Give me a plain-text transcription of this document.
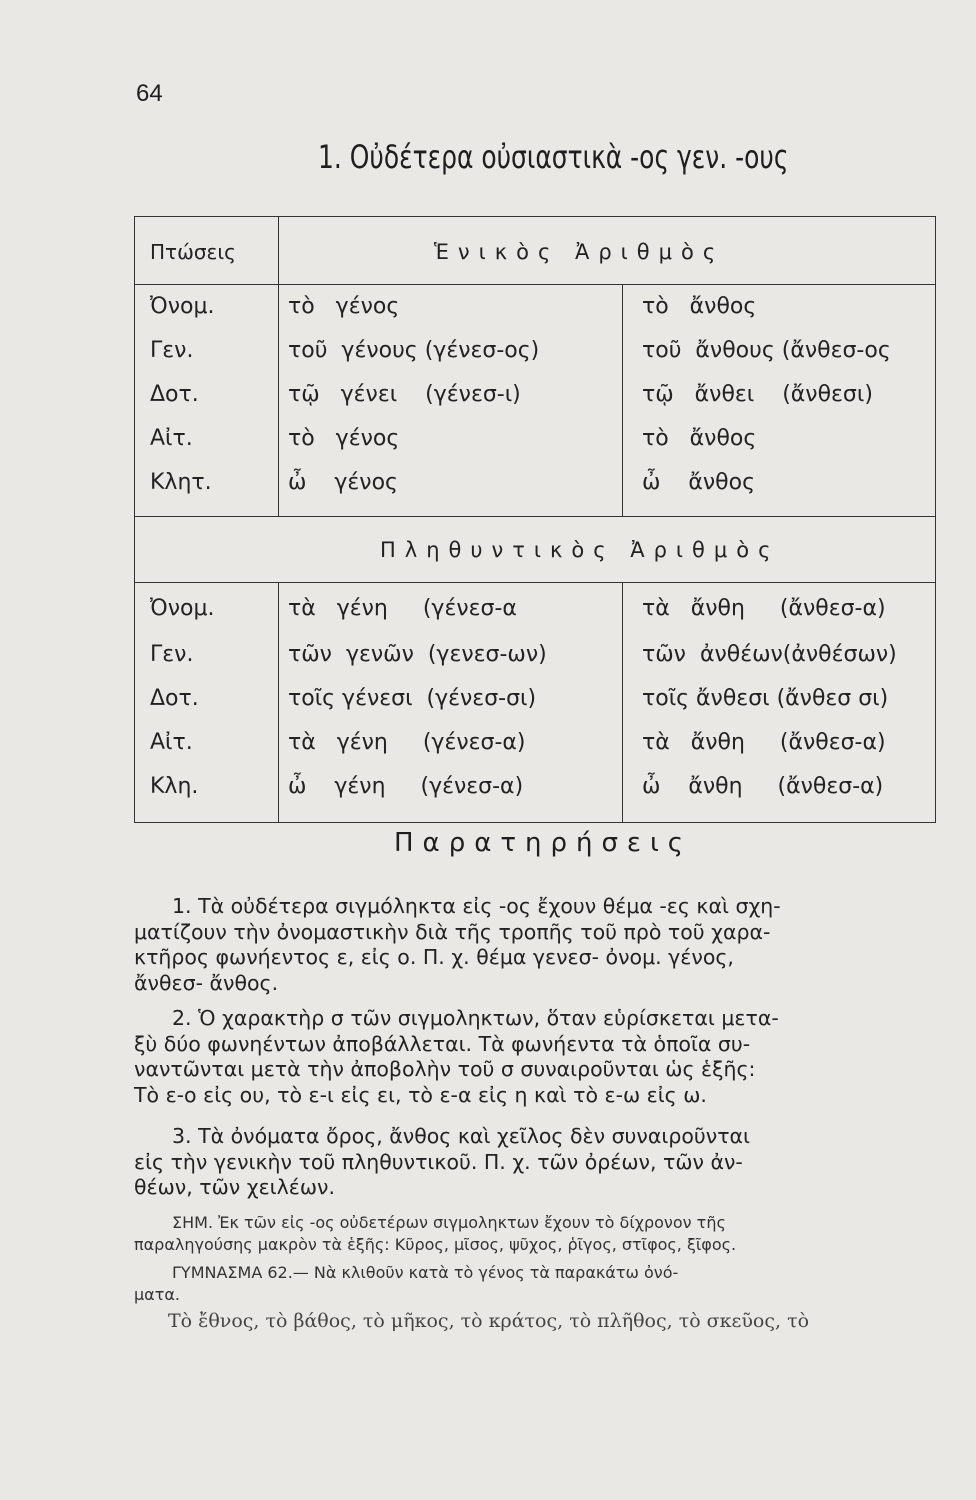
64
1. Οὐδέτερα οὐσιαστικὰ -ος γεν. -ους
Πτώσεις	Ἑνικὸς Ἀριθμὸς
Πληθυντικὸς Ἀριθμὸς
Ὀνομ.	τὸ   γένος	τὸ   ἄνθος
Γεν.	τοῦ  γένους (γένεσ-ος)	τοῦ  ἄνθους (ἄνθεσ-ος
Δοτ.	τῷ   γένει    (γένεσ-ι)	τῷ   ἄνθει    (ἄνθεσι)
Αἰτ.	τὸ   γένος	τὸ   ἄνθος
Κλητ.	ὦ    γένος	ὦ    ἄνθος
Ὀνομ.	τὰ   γένη     (γένεσ-α	τὰ   ἄνθη     (ἄνθεσ-α)
Γεν.	τῶν  γενῶν  (γενεσ-ων)	τῶν  ἀνθέων(ἀνθέσων)
Δοτ.	τοῖς γένεσι  (γένεσ-σι)	τοῖς ἄνθεσι (ἄνθεσ σι)
Αἰτ.	τὰ   γένη     (γένεσ-α)	τὰ   ἄνθη     (ἄνθεσ-α)
Κλη.	ὦ    γένη     (γένεσ-α)	ὦ    ἄνθη     (ἄνθεσ-α)
Παρατηρήσεις
1. Τὰ οὐδέτερα σιγμόληκτα εἰς -ος ἔχουν θέμα -ες καὶ σχη-
ματίζουν τὴν ὀνομαστικὴν διὰ τῆς τροπῆς τοῦ πρὸ τοῦ χαρα-
κτῆρος φωνήεντος ε, εἰς ο. Π. χ. θέμα γενεσ- ὀνομ. γένος,
ἄνθεσ- ἄνθος.
2. Ὁ χαρακτὴρ σ τῶν σιγμοληκτων, ὅταν εὑρίσκεται μετα-
ξὺ δύο φωνηέντων ἀποβάλλεται. Τὰ φωνήεντα τὰ ὁποῖα συ-
ναντῶνται μετὰ τὴν ἀποβολὴν τοῦ σ συναιροῦνται ὡς ἑξῆς:
Τὸ ε-ο εἰς ου, τὸ ε-ι εἰς ει, τὸ ε-α εἰς η καὶ τὸ ε-ω εἰς ω.
3. Τὰ ὀνόματα ὄρος, ἄνθος καὶ χεῖλος δὲν συναιροῦνται
εἰς τὴν γενικὴν τοῦ πληθυντικοῦ. Π. χ. τῶν ὀρέων, τῶν ἀν-
θέων, τῶν χειλέων.
ΣΗΜ. Ἐκ τῶν εἰς -ος οὐδετέρων σιγμοληκτων ἔχουν τὸ δίχρονον τῆς
παραληγούσης μακρὸν τὰ ἑξῆς: Κῦρος, μῖσος, ψῦχος, ῥῖγος, στῖφος, ξῖφος.
ΓΥΜΝΑΣΜΑ 62.— Νὰ κλιθοῦν κατὰ τὸ γένος τὰ παρακάτω ὀνό-
ματα.
Τὸ ἔθνος, τὸ βάθος, τὸ μῆκος, τὸ κράτος, τὸ πλῆθος, τὸ σκεῦος, τὸ
